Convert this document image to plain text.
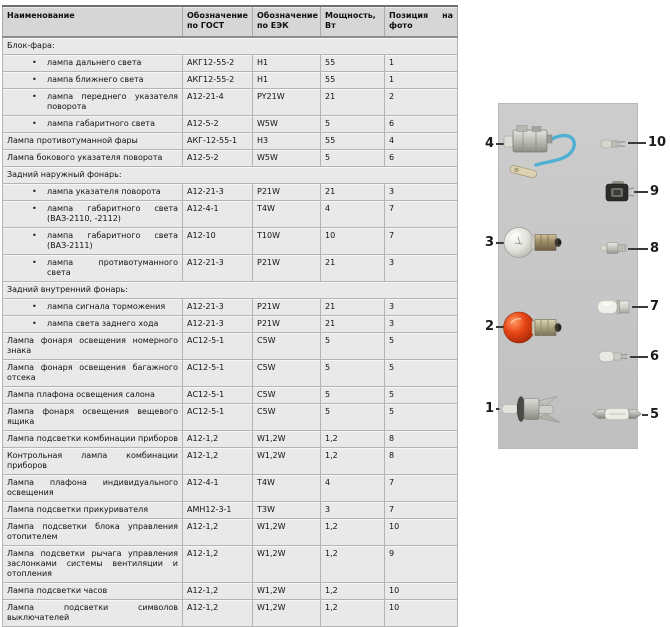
Наименование	Обозначение по ГОСТ	Обозначение по ЕЭК	Мощность, Вт	Позиция на фото
Блок-фара:				

• лампа дальнего света	АКГ12-55-2	H1	55	1

• лампа ближнего света	АКГ12-55-2	H1	55	1

• лампа переднего указателя поворота	А12-21-4	PY21W	21	2

• лампа габаритного света	А12-5-2	W5W	5	6
Лампа противотуманной фары	АКГ-12-55-1	H3	55	4
Лампа бокового указателя поворота	А12-5-2	W5W	5	6
Задний наружный фонарь:				

• лампа указателя поворота	А12-21-3	P21W	21	3

• лампа габаритного света (ВАЗ-2110, -2112)	А12-4-1	T4W	4	7

• лампа габаритного света (ВАЗ-2111)	А12-10	T10W	10	7

• лампа противотуманного света	А12-21-3	P21W	21	3
Задний внутренний фонарь:				

• лампа сигнала торможения	А12-21-3	P21W	21	3

• лампа света заднего хода	А12-21-3	P21W	21	3
Лампа фонаря освещения номерного знака	АС12-5-1	C5W	5	5
Лампа фонаря освещения багажного отсека	АС12-5-1	C5W	5	5
Лампа плафона освещения салона	АС12-5-1	C5W	5	5
Лампа фонаря освещения вещевого ящика	АС12-5-1	C5W	5	5
Лампа подсветки комбинации приборов	А12-1,2	W1,2W	1,2	8
Контрольная лампа комбинации приборов	А12-1,2	W1,2W	1,2	8
Лампа плафона индивидуального освещения	А12-4-1	T4W	4	7
Лампа подсветки прикуривателя	АМН12-3-1	T3W	3	7
Лампа подсветки блока управления отопителем	А12-1,2	W1,2W	1,2	10
Лампа подсветки рычага управления заслонками системы вентиляции и отопления	А12-1,2	W1,2W	1,2	9
Лампа подсветки часов	А12-1,2	W1,2W	1,2	10
Лампа подсветки символов выключателей	А12-1,2	W1,2W	1,2	10
4
3
2
1
10
9
8
7
6
5
